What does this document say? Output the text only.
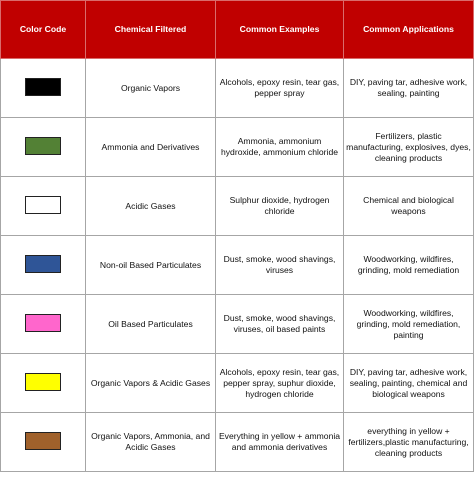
Color Code	Chemical Filtered	Common Examples	Common Applications
	Organic Vapors	Alcohols, epoxy resin, tear gas, pepper spray	DIY, paving tar, adhesive work, sealing, painting
	Ammonia and Derivatives	Ammonia, ammonium hydroxide, ammonium chloride	Fertilizers, plastic manufacturing, explosives, dyes, cleaning products
	Acidic Gases	Sulphur dioxide, hydrogen chloride	Chemical and biological weapons
	Non-oil Based Particulates	Dust, smoke, wood shavings, viruses	Woodworking, wildfires, grinding, mold remediation
	Oil Based Particulates	Dust, smoke, wood shavings, viruses, oil based paints	Woodworking, wildfires, grinding, mold remediation, painting
	Organic Vapors & Acidic Gases	Alcohols, epoxy resin, tear gas, pepper spray, suphur dioxide, hydrogen chloride	DIY, paving tar, adhesive work, sealing, painting, chemical and biological weapons
	Organic Vapors, Ammonia, and Acidic Gases	Everything in yellow + ammonia and ammonia derivatives	everything in yellow + fertilizers,plastic manufacturing, cleaning products
